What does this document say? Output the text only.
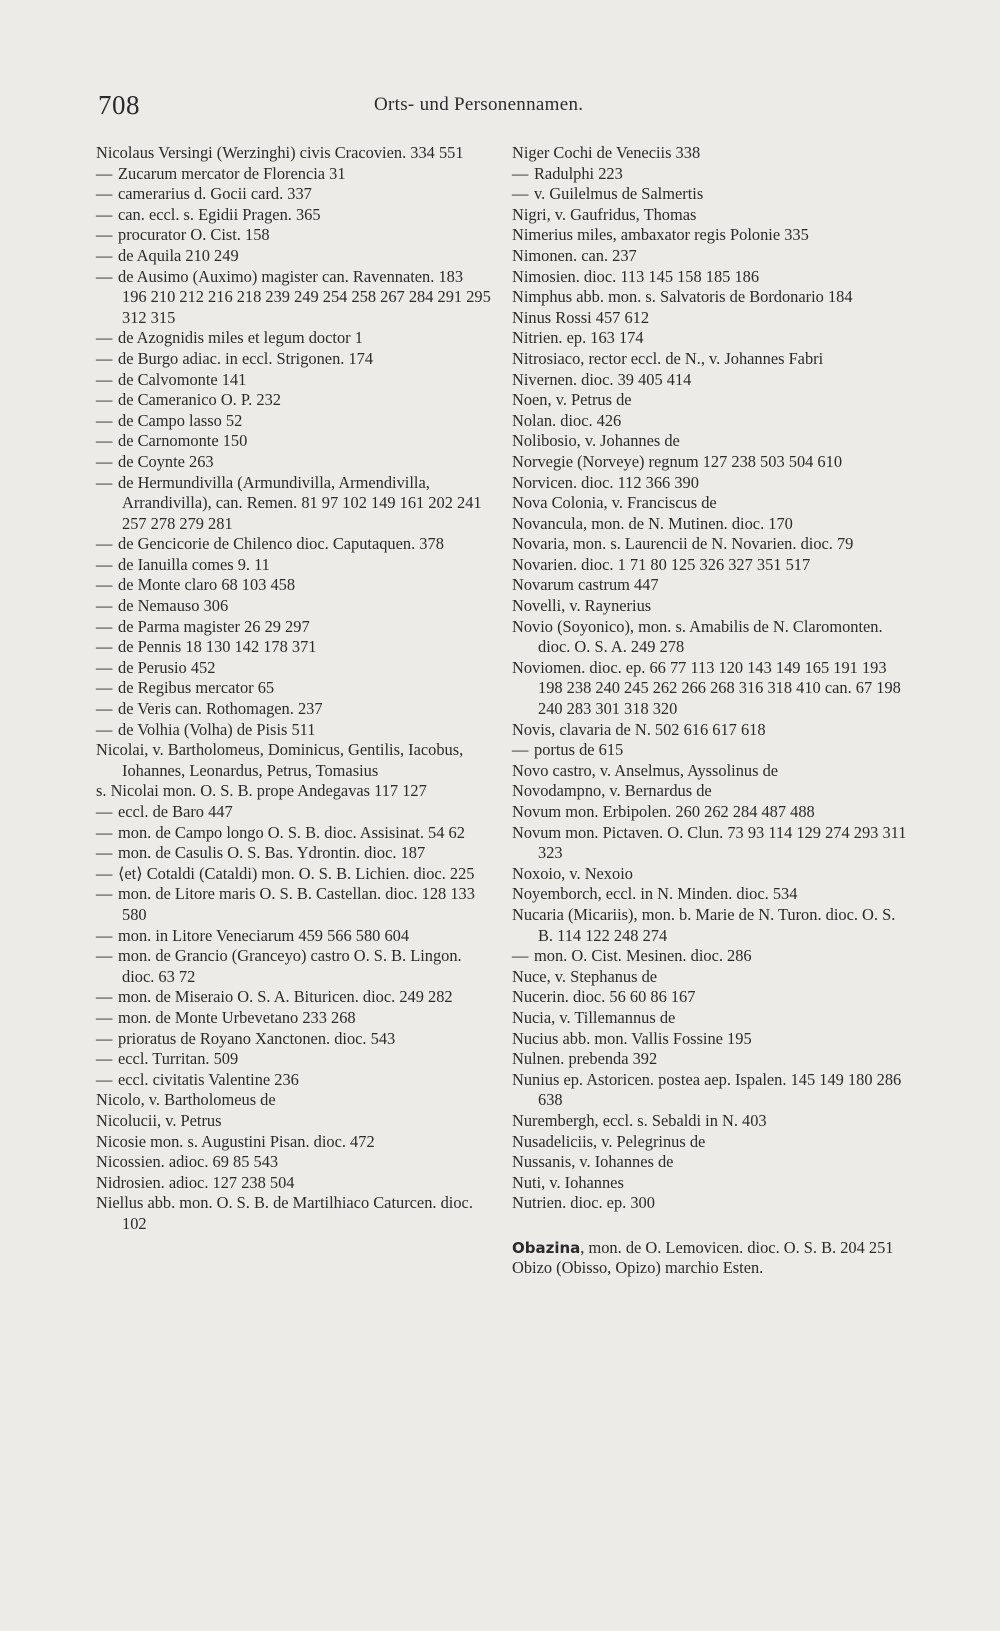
708	Orts- und Personennamen.

Nicolaus Versingi (Werzinghi) civis Cracovien. 334 551

—Zucarum mercator de Florencia 31

—camerarius d. Gocii card. 337

—can. eccl. s. Egidii Pragen. 365

—procurator O. Cist. 158

—de Aquila 210 249

—de Ausimo (Auximo) magister can. Ravennaten. 183 196 210 212 216 218 239 249 254 258 267 284 291 295 312 315

—de Azognidis miles et legum doctor 1

—de Burgo adiac. in eccl. Strigonen. 174

—de Calvomonte 141

—de Cameranico O. P. 232

—de Campo lasso 52

—de Carnomonte 150

—de Coynte 263

—de Hermundivilla (Armundivilla, Armendivilla, Arrandivilla), can. Remen. 81 97 102 149 161 202 241 257 278 279 281

—de Gencicorie de Chilenco dioc. Caputaquen. 378

—de Ianuilla comes 9. 11

—de Monte claro 68 103 458

—de Nemauso 306

—de Parma magister 26 29 297

—de Pennis 18 130 142 178 371

—de Perusio 452

—de Regibus mercator 65

—de Veris can. Rothomagen. 237

—de Volhia (Volha) de Pisis 511

Nicolai, v. Bartholomeus, Dominicus, Gentilis, Iacobus, Iohannes, Leonardus, Petrus, Tomasius

s. Nicolai mon. O. S. B. prope Andegavas 117 127

—eccl. de Baro 447

—mon. de Campo longo O. S. B. dioc. Assisinat. 54 62

—mon. de Casulis O. S. Bas. Ydrontin. dioc. 187

—⟨et⟩ Cotaldi (Cataldi) mon. O. S. B. Lichien. dioc. 225

—mon. de Litore maris O. S. B. Castellan. dioc. 128 133 580

—mon. in Litore Veneciarum 459 566 580 604

—mon. de Grancio (Granceyo) castro O. S. B. Lingon. dioc. 63 72

—mon. de Miseraio O. S. A. Bituricen. dioc. 249 282

—mon. de Monte Urbevetano 233 268

—prioratus de Royano Xanctonen. dioc. 543

—eccl. Turritan. 509

—eccl. civitatis Valentine 236

Nicolo, v. Bartholomeus de

Nicolucii, v. Petrus

Nicosie mon. s. Augustini Pisan. dioc. 472

Nicossien. adioc. 69 85 543

Nidrosien. adioc. 127 238 504

Niellus abb. mon. O. S. B. de Martilhiaco Caturcen. dioc. 102

Niger Cochi de Veneciis 338

—Radulphi 223

—v. Guilelmus de Salmertis

Nigri, v. Gaufridus, Thomas

Nimerius miles, ambaxator regis Polonie 335

Nimonen. can. 237

Nimosien. dioc. 113 145 158 185 186

Nimphus abb. mon. s. Salvatoris de Bordonario 184

Ninus Rossi 457 612

Nitrien. ep. 163 174

Nitrosiaco, rector eccl. de N., v. Johannes Fabri

Nivernen. dioc. 39 405 414

Noen, v. Petrus de

Nolan. dioc. 426

Nolibosio, v. Johannes de

Norvegie (Norveye) regnum 127 238 503 504 610

Norvicen. dioc. 112 366 390

Nova Colonia, v. Franciscus de

Novancula, mon. de N. Mutinen. dioc. 170

Novaria, mon. s. Laurencii de N. Novarien. dioc. 79

Novarien. dioc. 1 71 80 125 326 327 351 517

Novarum castrum 447

Novelli, v. Raynerius

Novio (Soyonico), mon. s. Amabilis de N. Claromonten. dioc. O. S. A. 249 278

Noviomen. dioc. ep. 66 77 113 120 143 149 165 191 193 198 238 240 245 262 266 268 316 318 410 can. 67 198 240 283 301 318 320

Novis, clavaria de N. 502 616 617 618

—portus de 615

Novo castro, v. Anselmus, Ayssolinus de

Novodampno, v. Bernardus de

Novum mon. Erbipolen. 260 262 284 487 488

Novum mon. Pictaven. O. Clun. 73 93 114 129 274 293 311 323

Noxoio, v. Nexoio

Noyemborch, eccl. in N. Minden. dioc. 534

Nucaria (Micariis), mon. b. Marie de N. Turon. dioc. O. S. B. 114 122 248 274

—mon. O. Cist. Mesinen. dioc. 286

Nuce, v. Stephanus de

Nucerin. dioc. 56 60 86 167

Nucia, v. Tillemannus de

Nucius abb. mon. Vallis Fossine 195

Nulnen. prebenda 392

Nunius ep. Astoricen. postea aep. Ispalen. 145 149 180 286 638

Nurembergh, eccl. s. Sebaldi in N. 403

Nusadeliciis, v. Pelegrinus de

Nussanis, v. Iohannes de

Nuti, v. Iohannes

Nutrien. dioc. ep. 300

Obazina, mon. de O. Lemovicen. dioc. O. S. B. 204 251

Obizo (Obisso, Opizo) marchio Esten.
